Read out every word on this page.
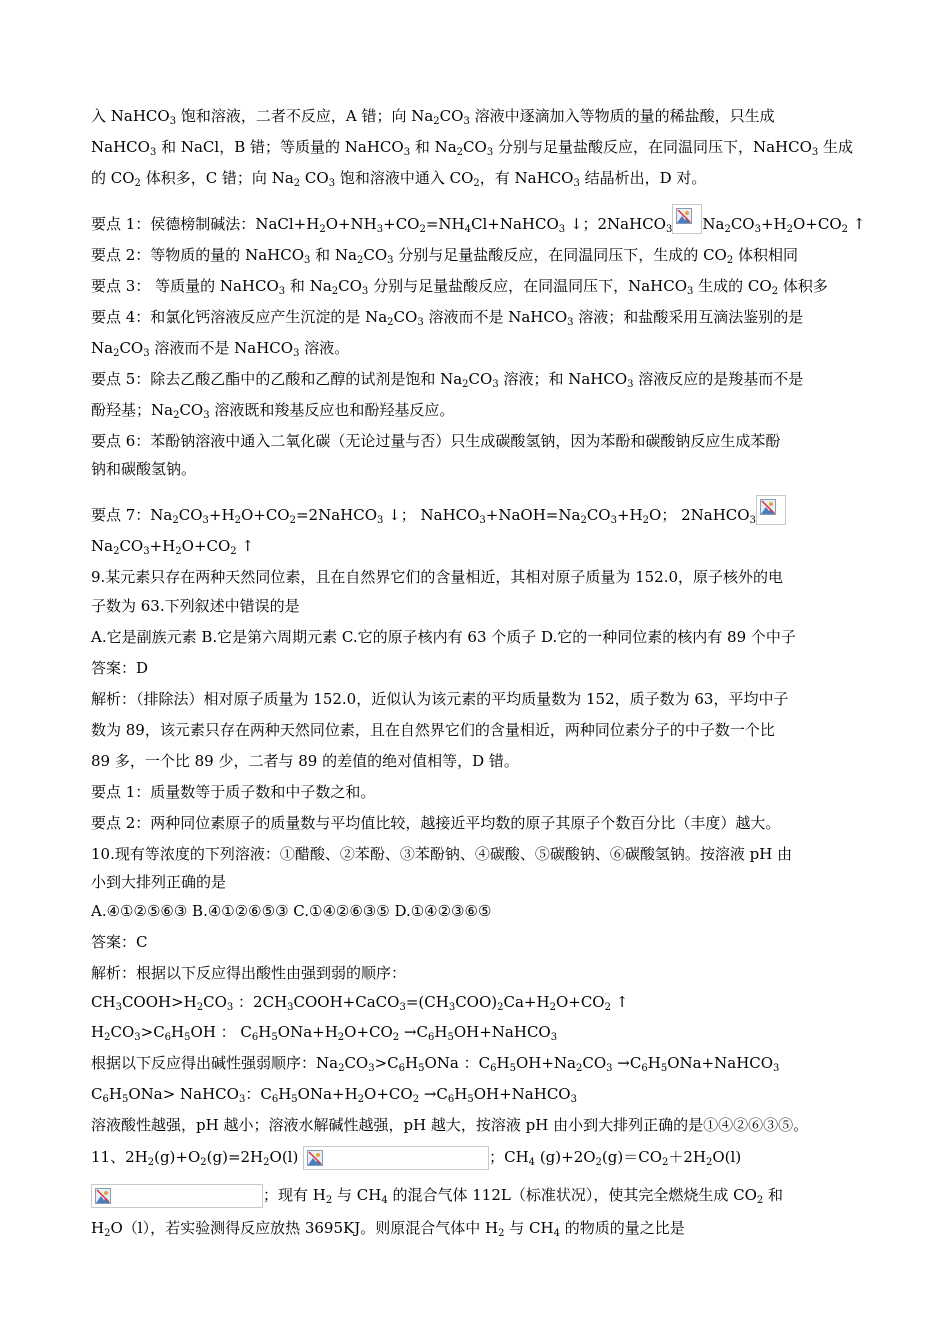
入 NaHCO$_3$ 饱和溶液，二者不反应，A 错；向 $Na_2CO_3$ 溶液中逐滴加入等物质的量的稀盐酸，只生成
NaHCO$_3$ 和 NaCl，B 错；等质量的 NaHCO$_3$ 和 $Na_2CO_3$ 分别与足量盐酸反应，在同温同压下，NaHCO$_3$ 生成
的 $CO_2$ 体积多，C 错；向 $Na_2$ $CO_3$ 饱和溶液中通入 $CO_2$，有 NaHCO$_3$ 结晶析出，D 对。
要点 1：侯德榜制碱法：$NaCl+H_2O+NH_3+CO_2=NH_4Cl+NaHCO_3$ ↓；2NaHCO$_3$ $Na_2CO_3+H_2O+CO_2$ ↑
要点 2：等物质的量的 NaHCO$_3$ 和 $Na_2CO_3$ 分别与足量盐酸反应，在同温同压下，生成的 $CO_2$ 体积相同
要点 3： 等质量的 NaHCO$_3$ 和 $Na_2CO_3$ 分别与足量盐酸反应，在同温同压下，NaHCO$_3$ 生成的 $CO_2$ 体积多
要点 4：和氯化钙溶液反应产生沉淀的是 $Na_2CO_3$ 溶液而不是 NaHCO$_3$ 溶液；和盐酸采用互滴法鉴别的是
$Na_2CO_3$ 溶液而不是 NaHCO$_3$ 溶液。
要点 5：除去乙酸乙酯中的乙酸和乙醇的试剂是饱和 $Na_2CO_3$ 溶液；和 NaHCO$_3$ 溶液反应的是羧基而不是
酚羟基；$Na_2CO_3$ 溶液既和羧基反应也和酚羟基反应。
要点 6：苯酚钠溶液中通入二氧化碳（无论过量与否）只生成碳酸氢钠，因为苯酚和碳酸钠反应生成苯酚
钠和碳酸氢钠。
要点 7：$Na_2CO_3+H_2O+CO_2=2NaHCO_3$ ↓； $NaHCO_3+NaOH=Na_2CO_3+H_2O$； 2NaHCO$_3$
$Na_2CO_3+H_2O+CO_2$ ↑
9.某元素只存在两种天然同位素，且在自然界它们的含量相近，其相对原子质量为 152.0，原子核外的电
子数为 63.下列叙述中错误的是
A.它是副族元素 B.它是第六周期元素 C.它的原子核内有 63 个质子 D.它的一种同位素的核内有 89 个中子
答案：D
解析：（排除法）相对原子质量为 152.0，近似认为该元素的平均质量数为 152，质子数为 63，平均中子
数为 89，该元素只存在两种天然同位素，且在自然界它们的含量相近，两种同位素分子的中子数一个比
89 多，一个比 89 少，二者与 89 的差值的绝对值相等，D 错。
要点 1：质量数等于质子数和中子数之和。
要点 2：两种同位素原子的质量数与平均值比较，越接近平均数的原子其原子个数百分比（丰度）越大。
10.现有等浓度的下列溶液：①醋酸、②苯酚、③苯酚钠、④碳酸、⑤碳酸钠、⑥碳酸氢钠。按溶液 pH 由
小到大排列正确的是
A.④①②⑤⑥③ B.④①②⑥⑤③ C.①④②⑥③⑤ D.①④②③⑥⑤
答案：C
解析：根据以下反应得出酸性由强到弱的顺序：
$CH_3COOH>H_2CO_3$ ：$2CH_3COOH+CaCO_3=(CH_3COO)_2Ca+H_2O+CO_2$ ↑
$H_2CO_3>C_6H_5OH$ ： $C_6H_5ONa+H_2O+CO_2$ $\to C_6H_5OH+NaHCO_3$
根据以下反应得出碱性强弱顺序：$Na_2CO_3>C_6H_5ONa$ ：$C_6H_5OH+Na_2CO_3$ $\to C_6H_5ONa+NaHCO_3$
$C_6H_5ONa>$ NaHCO$_3$：$C_6H_5ONa+H_2O+CO_2$ $\to C_6H_5OH+NaHCO_3$
溶液酸性越强，pH 越小；溶液水解碱性越强，pH 越大，按溶液 pH 由小到大排列正确的是①④②⑥③⑤。
11、$2H_2(g)+O_2(g)=2H_2O(l)$	；$CH_4$ $(g)+2O_2(g)=CO_2+2H_2O(l)$
；现有 $H_2$ 与 $CH_4$ 的混合气体 112L（标准状况），使其完全燃烧生成 $CO_2$ 和
$H_2O(l)$，若实验测得反应放热 3695KJ。则原混合气体中 $H_2$ 与 $CH_4$ 的物质的量之比是
